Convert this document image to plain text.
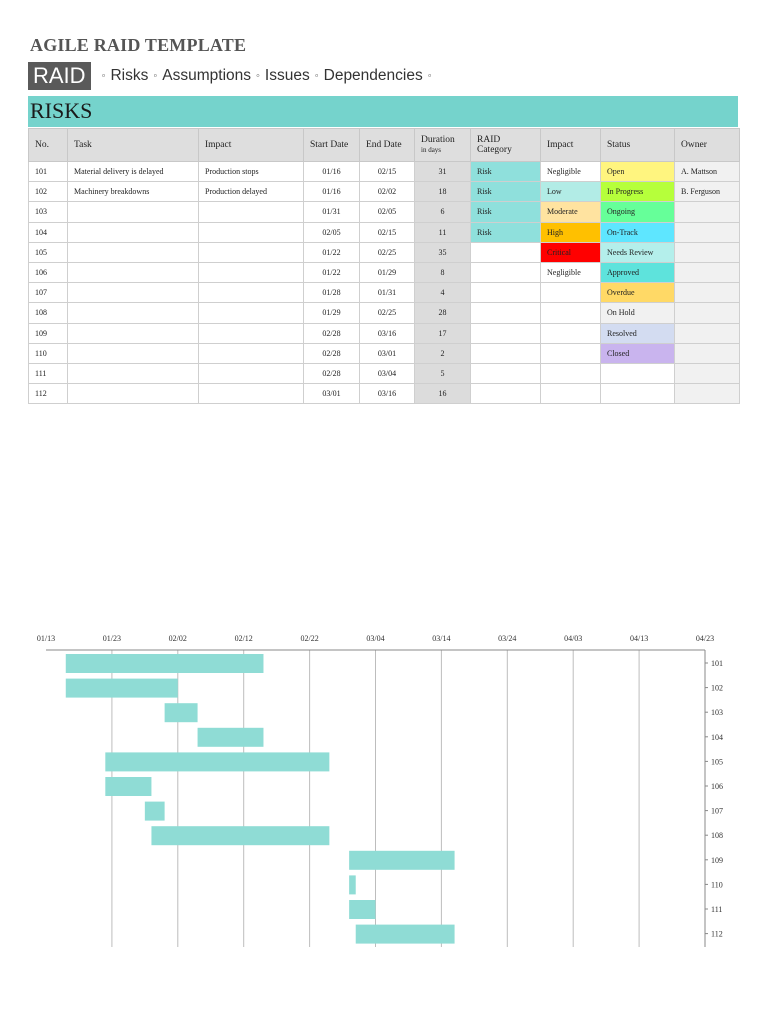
AGILE RAID TEMPLATE
RAID	◦ Risks ◦ Assumptions ◦ Issues ◦ Dependencies ◦
RISKS
No.	Task	Impact	Start Date	End Date	Duration
in days	RAID Category	Impact	Status	Owner
101	Material delivery is delayed	Production stops	01/16	02/15	31	Risk	Negligible	Open	A. Mattson
102	Machinery breakdowns	Production delayed	01/16	02/02	18	Risk	Low	In Progress	B. Ferguson
103			01/31	02/05	6	Risk	Moderate	Ongoing	
104			02/05	02/15	11	Risk	High	On-Track	
105			01/22	02/25	35		Critical	Needs Review	
106			01/22	01/29	8		Negligible	Approved	
107			01/28	01/31	4			Overdue	
108			01/29	02/25	28			On Hold	
109			02/28	03/16	17			Resolved	
110			02/28	03/01	2			Closed	
111			02/28	03/04	5				
112			03/01	03/16	16				
01/13	01/23	02/02	02/12	02/22	03/04	03/14	03/24	04/03	04/13	04/23
101
102
103
104
105
106
107
108
109
110
111
112
